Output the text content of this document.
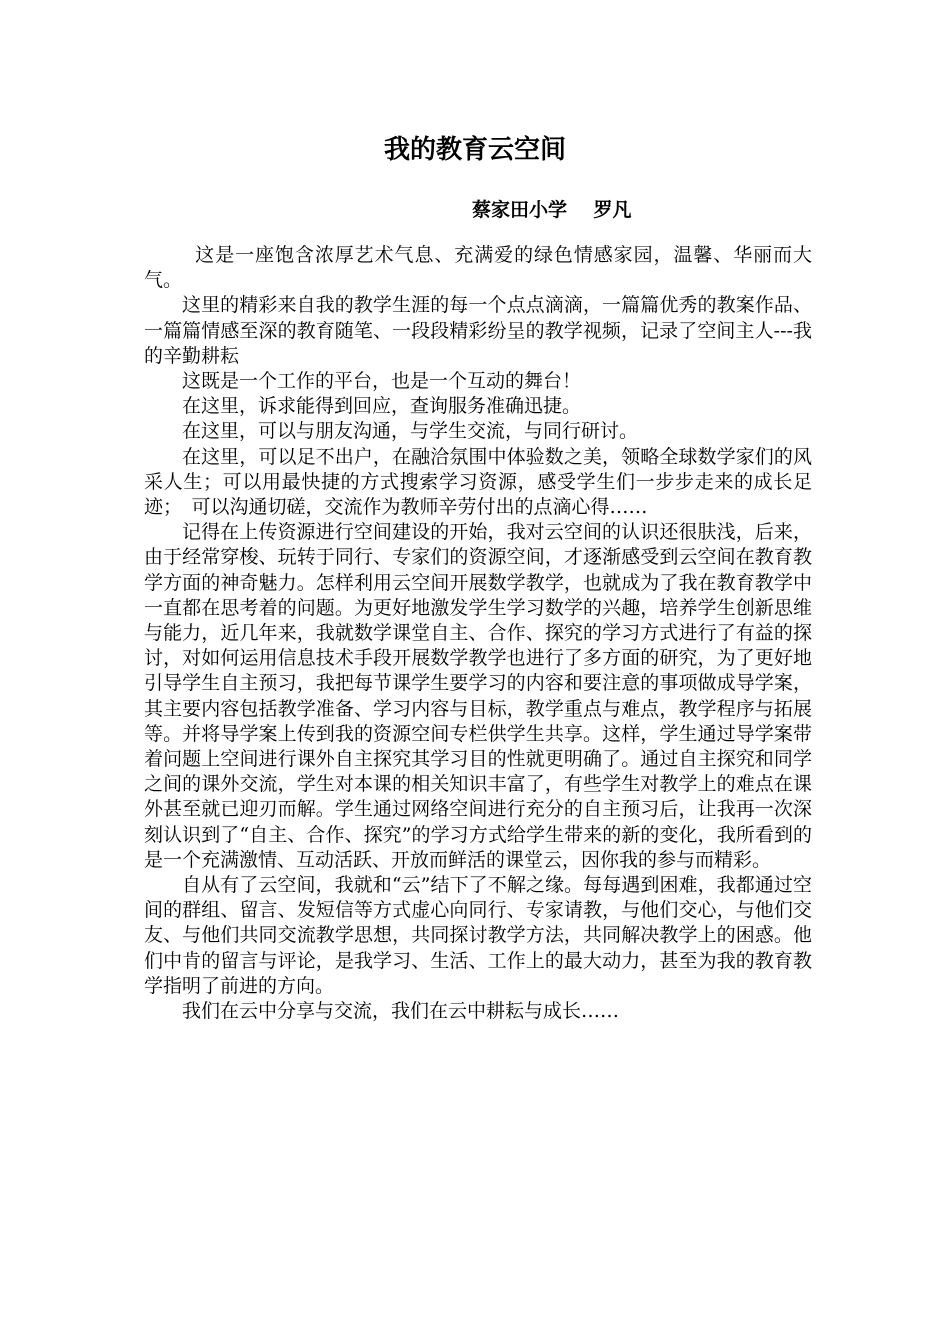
我的教育云空间
蔡家田小学    罗凡

这是一座饱含浓厚艺术气息、充满爱的绿色情感家园，温馨、华丽而大气。

这里的精彩来自我的教学生涯的每一个点点滴滴，一篇篇优秀的教案作品、一篇篇情感至深的教育随笔、一段段精彩纷呈的教学视频，记录了空间主人---我的辛勤耕耘

这既是一个工作的平台，也是一个互动的舞台！

在这里，诉求能得到回应，查询服务准确迅捷。

在这里，可以与朋友沟通，与学生交流，与同行研讨。

在这里，可以足不出户，在融洽氛围中体验数之美，领略全球数学家们的风采人生；可以用最快捷的方式搜索学习资源，感受学生们一步步走来的成长足迹；　可以沟通切磋，交流作为教师辛劳付出的点滴心得……

记得在上传资源进行空间建设的开始，我对云空间的认识还很肤浅，后来，由于经常穿梭、玩转于同行、专家们的资源空间，才逐渐感受到云空间在教育教学方面的神奇魅力。怎样利用云空间开展数学教学，也就成为了我在教育教学中一直都在思考着的问题。为更好地激发学生学习数学的兴趣，培养学生创新思维与能力，近几年来，我就数学课堂自主、合作、探究的学习方式进行了有益的探讨，对如何运用信息技术手段开展数学教学也进行了多方面的研究，为了更好地引导学生自主预习，我把每节课学生要学习的内容和要注意的事项做成导学案，其主要内容包括教学准备、学习内容与目标，教学重点与难点，教学程序与拓展等。并将导学案上传到我的资源空间专栏供学生共享。这样，学生通过导学案带着问题上空间进行课外自主探究其学习目的性就更明确了。通过自主探究和同学之间的课外交流，学生对本课的相关知识丰富了，有些学生对教学上的难点在课外甚至就已迎刃而解。学生通过网络空间进行充分的自主预习后，让我再一次深刻认识到了“自主、合作、探究”的学习方式给学生带来的新的变化，我所看到的是一个充满激情、互动活跃、开放而鲜活的课堂云，因你我的参与而精彩。

自从有了云空间，我就和“云”结下了不解之缘。每每遇到困难，我都通过空间的群组、留言、发短信等方式虚心向同行、专家请教，与他们交心，与他们交友、与他们共同交流教学思想，共同探讨教学方法，共同解决教学上的困惑。他们中肯的留言与评论，是我学习、生活、工作上的最大动力，甚至为我的教育教学指明了前进的方向。

我们在云中分享与交流，我们在云中耕耘与成长……
